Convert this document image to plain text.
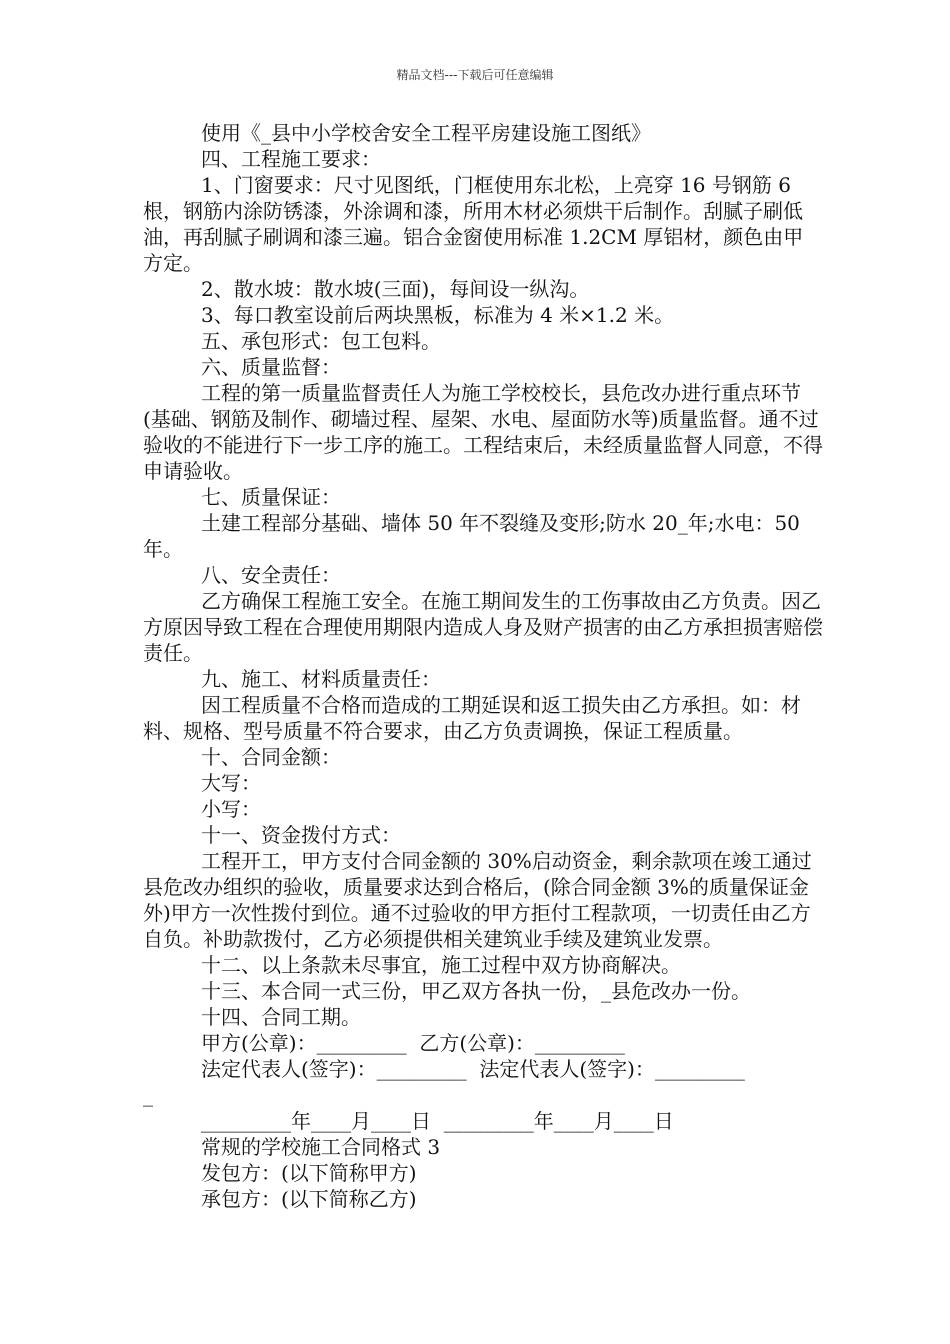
精品文档---下载后可任意编辑

使用《_县中小学校舍安全工程平房建设施工图纸》

四、工程施工要求：

1、门窗要求：尺寸见图纸，门框使用东北松，上亮穿 16 号钢筋 6 根，钢筋内涂防锈漆，外涂调和漆，所用木材必须烘干后制作。刮腻子刷低油，再刮腻子刷调和漆三遍。铝合金窗使用标准 1.2CM 厚铝材，颜色由甲方定。

2、散水坡：散水坡(三面)，每间设一纵沟。

3、每口教室设前后两块黑板，标准为 4 米×1.2 米。

五、承包形式：包工包料。

六、质量监督：

工程的第一质量监督责任人为施工学校校长，县危改办进行重点环节(基础、钢筋及制作、砌墙过程、屋架、水电、屋面防水等)质量监督。通不过验收的不能进行下一步工序的施工。工程结束后，未经质量监督人同意，不得申请验收。

七、质量保证：

土建工程部分基础、墙体 50 年不裂缝及变形;防水 20_年;水电：50 年。

八、安全责任：

乙方确保工程施工安全。在施工期间发生的工伤事故由乙方负责。因乙方原因导致工程在合理使用期限内造成人身及财产损害的由乙方承担损害赔偿责任。

九、施工、材料质量责任：

因工程质量不合格而造成的工期延误和返工损失由乙方承担。如：材料、规格、型号质量不符合要求，由乙方负责调换，保证工程质量。

十、合同金额：

大写：

小写：

十一、资金拨付方式：

工程开工，甲方支付合同金额的 30%启动资金，剩余款项在竣工通过县危改办组织的验收，质量要求达到合格后，(除合同金额 3%的质量保证金外)甲方一次性拨付到位。通不过验收的甲方拒付工程款项，一切责任由乙方自负。补助款拨付，乙方必须提供相关建筑业手续及建筑业发票。

十二、以上条款未尽事宜，施工过程中双方协商解决。

十三、本合同一式三份，甲乙双方各执一份，_县危改办一份。

十四、合同工期。

甲方(公章)：_________  乙方(公章)：_________

法定代表人(签字)：_________  法定代表人(签字)：_________

_

_________年____月____日  _________年____月____日

常规的学校施工合同格式 3

发包方：(以下简称甲方)

承包方：(以下简称乙方)
